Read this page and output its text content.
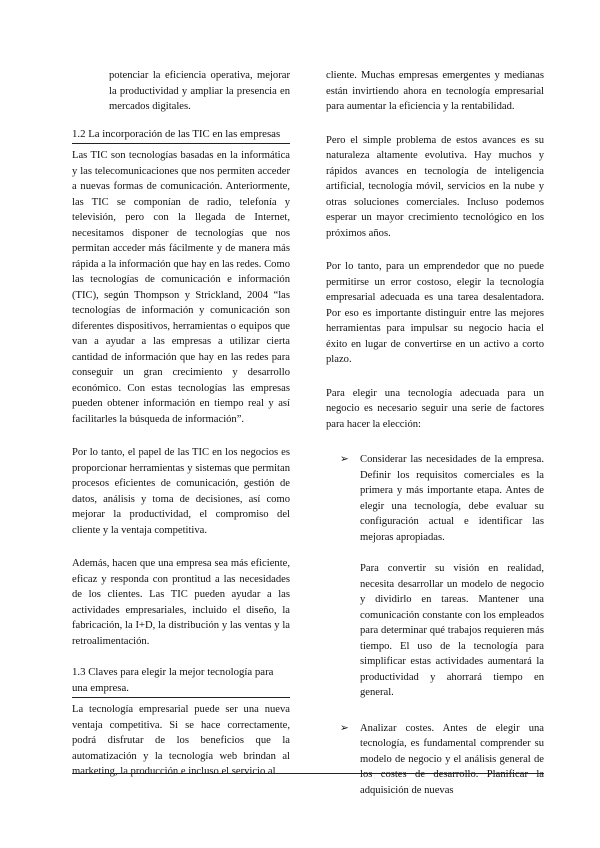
potenciar la eficiencia operativa, mejorar la productividad y ampliar la presencia en mercados digitales.

1.2 La incorporación de las TIC en las empresas

Las TIC son tecnologías basadas en la informática y las telecomunicaciones que nos permiten acceder a nuevas formas de comunicación. Anteriormente, las TIC se componían de radio, telefonía y televisión, pero con la llegada de Internet, necesitamos disponer de tecnologías que nos permitan acceder más fácilmente y de manera más rápida a la información que hay en las redes. Como las tecnologías de comunicación e información (TIC), según Thompson y Strickland, 2004 “las tecnologías de información y comunicación son diferentes dispositivos, herramientas o equipos que van a ayudar a las empresas a utilizar cierta cantidad de información que hay en las redes para conseguir un gran crecimiento y desarrollo económico. Con estas tecnologías las empresas pueden obtener información en tiempo real y así facilitarles la búsqueda de información”.

Por lo tanto, el papel de las TIC en los negocios es proporcionar herramientas y sistemas que permitan procesos eficientes de comunicación, gestión de datos, análisis y toma de decisiones, así como mejorar la productividad, el compromiso del cliente y la ventaja competitiva.

Además, hacen que una empresa sea más eficiente, eficaz y responda con prontitud a las necesidades de los clientes. Las TIC pueden ayudar a las actividades empresariales, incluido el diseño, la fabricación, la I+D, la distribución y las ventas y la retroalimentación.

1.3 Claves para elegir la mejor tecnología para una empresa.

La tecnología empresarial puede ser una nueva ventaja competitiva. Si se hace correctamente, podrá disfrutar de los beneficios que la automatización y la tecnología web brindan al marketing, la producción e incluso el servicio al

cliente. Muchas empresas emergentes y medianas están invirtiendo ahora en tecnología empresarial para aumentar la eficiencia y la rentabilidad.

Pero el simple problema de estos avances es su naturaleza altamente evolutiva. Hay muchos y rápidos avances en tecnología de inteligencia artificial, tecnología móvil, servicios en la nube y otras soluciones comerciales. Incluso podemos esperar un mayor crecimiento tecnológico en los próximos años.

Por lo tanto, para un emprendedor que no puede permitirse un error costoso, elegir la tecnología empresarial adecuada es una tarea desalentadora. Por eso es importante distinguir entre las mejores herramientas para impulsar su negocio hacia el éxito en lugar de convertirse en un activo a corto plazo.

Para elegir una tecnología adecuada para un negocio es necesario seguir una serie de factores para hacer la elección:

➢ Considerar las necesidades de la empresa. Definir los requisitos comerciales es la primera y más importante etapa. Antes de elegir una tecnología, debe evaluar su configuración actual e identificar las mejoras apropiadas.

Para convertir su visión en realidad, necesita desarrollar un modelo de negocio y dividirlo en tareas. Mantener una comunicación constante con los empleados para determinar qué trabajos requieren más tiempo. El uso de la tecnología para simplificar estas actividades aumentará la productividad y ahorrará tiempo en general.

➢ Analizar costes. Antes de elegir una tecnología, es fundamental comprender su modelo de negocio y el análisis general de los costes de desarrollo. Planificar la adquisición de nuevas
